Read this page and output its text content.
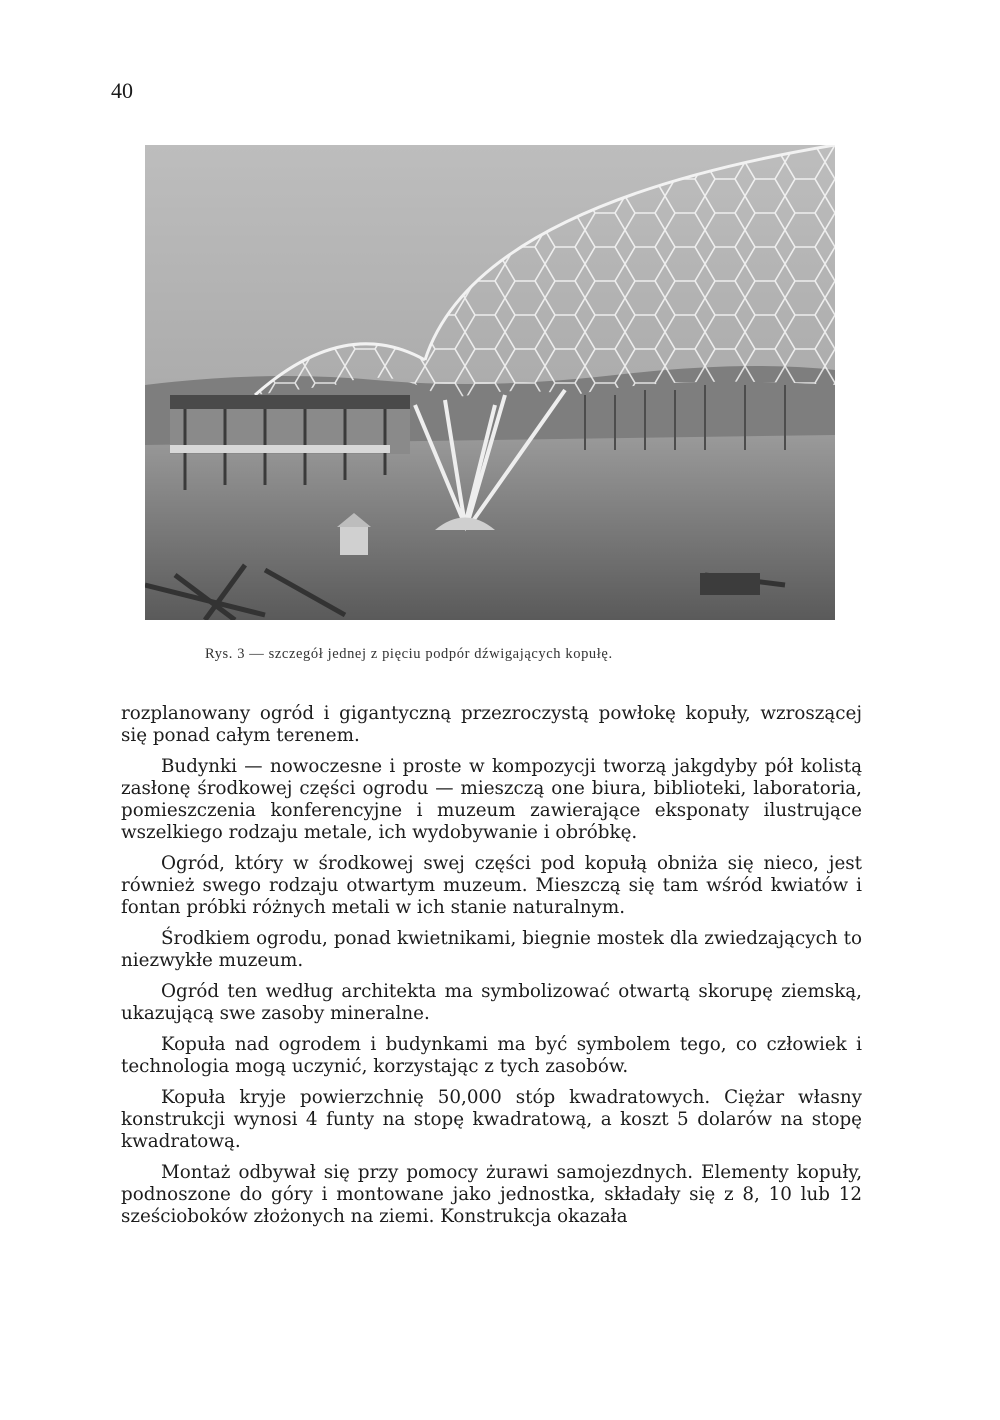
40
Rys. 3 — szczegół jednej z pięciu podpór dźwigających kopułę.

rozplanowany ogród i gigantyczną przezroczystą powłokę kopuły, wzroszącej się ponad całym terenem.

Budynki — nowoczesne i proste w kompozycji tworzą jakgdyby pół kolistą zasłonę środkowej części ogrodu — mieszczą one biura, biblioteki, laboratoria, pomieszczenia konferencyjne i muzeum zawierające eksponaty ilustrujące wszelkiego rodzaju metale, ich wydobywanie i obróbkę.

Ogród, który w środkowej swej części pod kopułą obniża się nieco, jest również swego rodzaju otwartym muzeum. Mieszczą się tam wśród kwiatów i fontan próbki różnych metali w ich stanie naturalnym.

Środkiem ogrodu, ponad kwietnikami, biegnie mostek dla zwiedzających to niezwykłe muzeum.

Ogród ten według architekta ma symbolizować otwartą skorupę ziemską, ukazującą swe zasoby mineralne.

Kopuła nad ogrodem i budynkami ma być symbolem tego, co człowiek i technologia mogą uczynić, korzystając z tych zasobów.

Kopuła kryje powierzchnię 50,000 stóp kwadratowych. Ciężar własny konstrukcji wynosi 4 funty na stopę kwadratową, a koszt 5 dolarów na stopę kwadratową.

Montaż odbywał się przy pomocy żurawi samojezdnych. Elementy kopuły, podnoszone do góry i montowane jako jednostka, składały się z 8, 10 lub 12 sześcioboków złożonych na ziemi. Konstrukcja okazała
